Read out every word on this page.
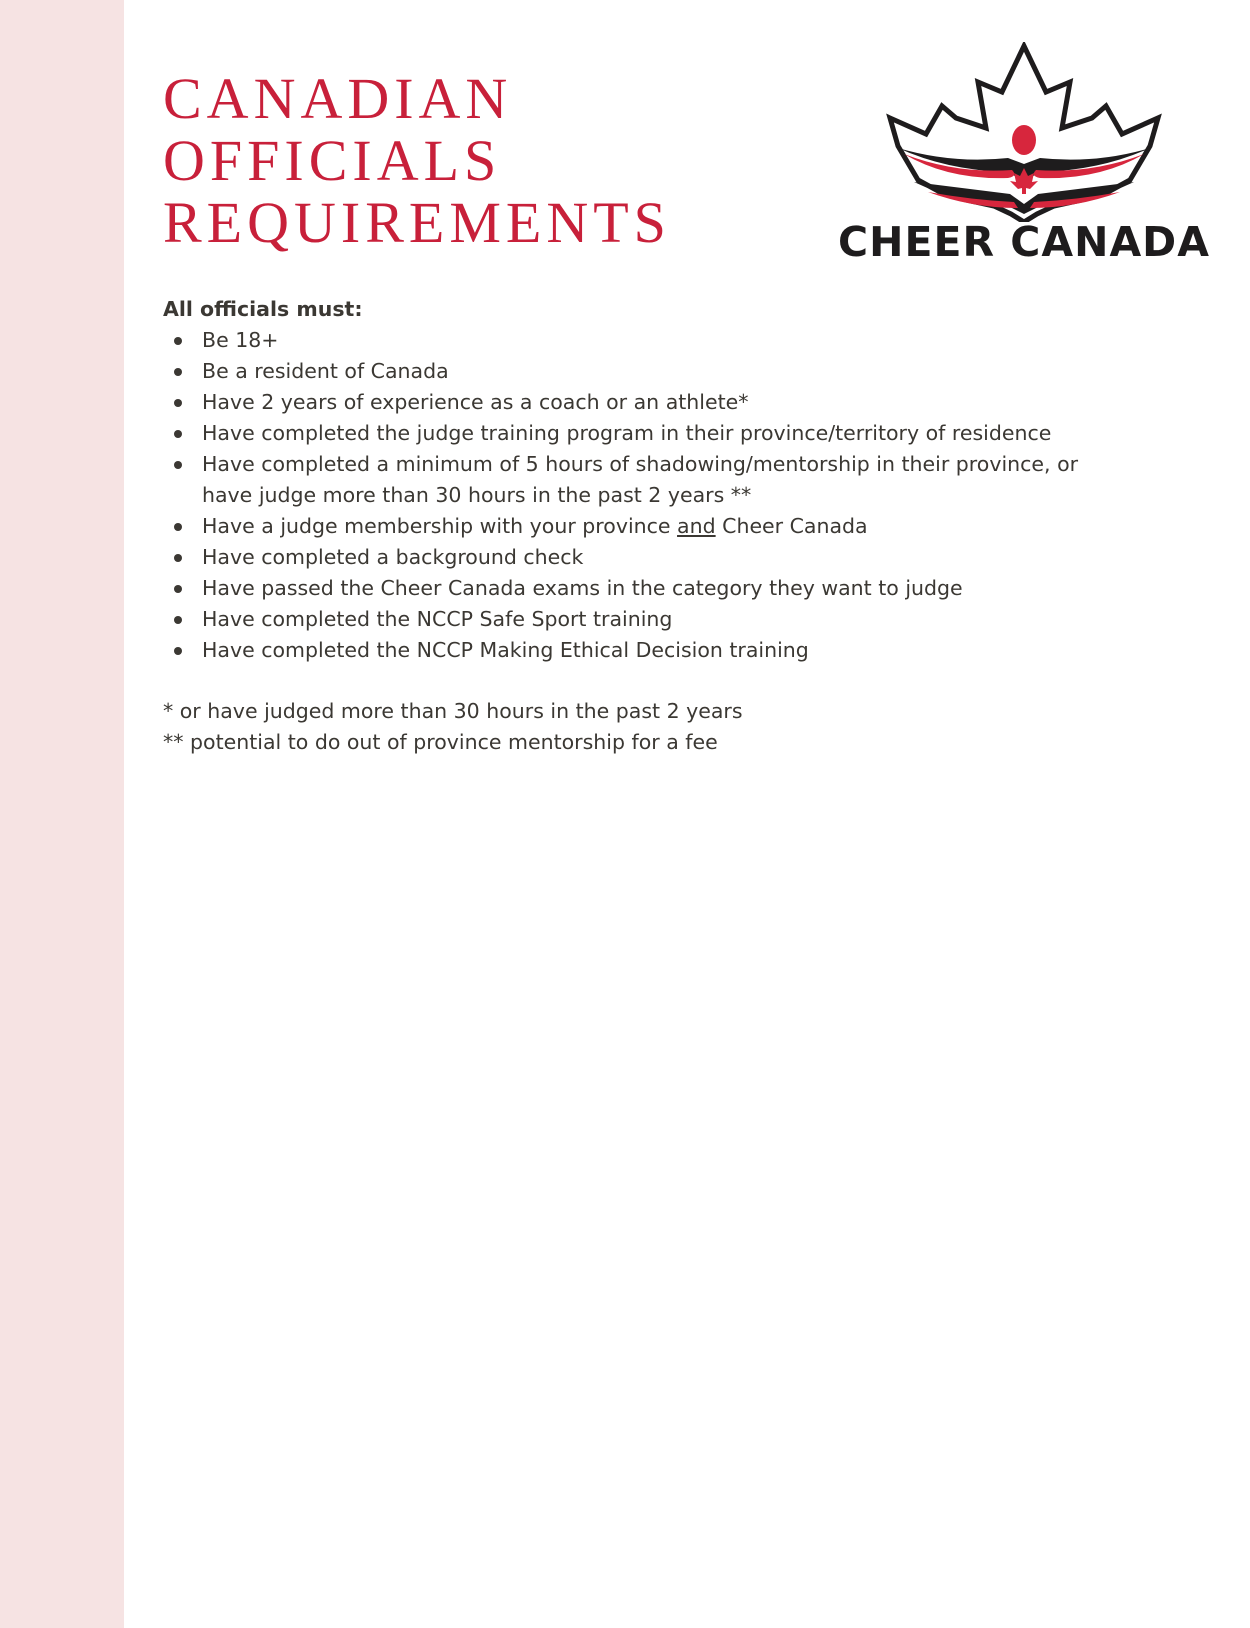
CANADIAN
OFFICIALS
REQUIREMENTS	CHEER CANADA
All officials must:
Be 18+
Be a resident of Canada
Have 2 years of experience as a coach or an athlete*
Have completed the judge training program in their province/territory of residence
Have completed a minimum of 5 hours of shadowing/mentorship in their province, or have judge more than 30 hours in the past 2 years **
Have a judge membership with your province and Cheer Canada
Have completed a background check
Have passed the Cheer Canada exams in the category they want to judge
Have completed the NCCP Safe Sport training
Have completed the NCCP Making Ethical Decision training
* or have judged more than 30 hours in the past 2 years
** potential to do out of province mentorship for a fee
